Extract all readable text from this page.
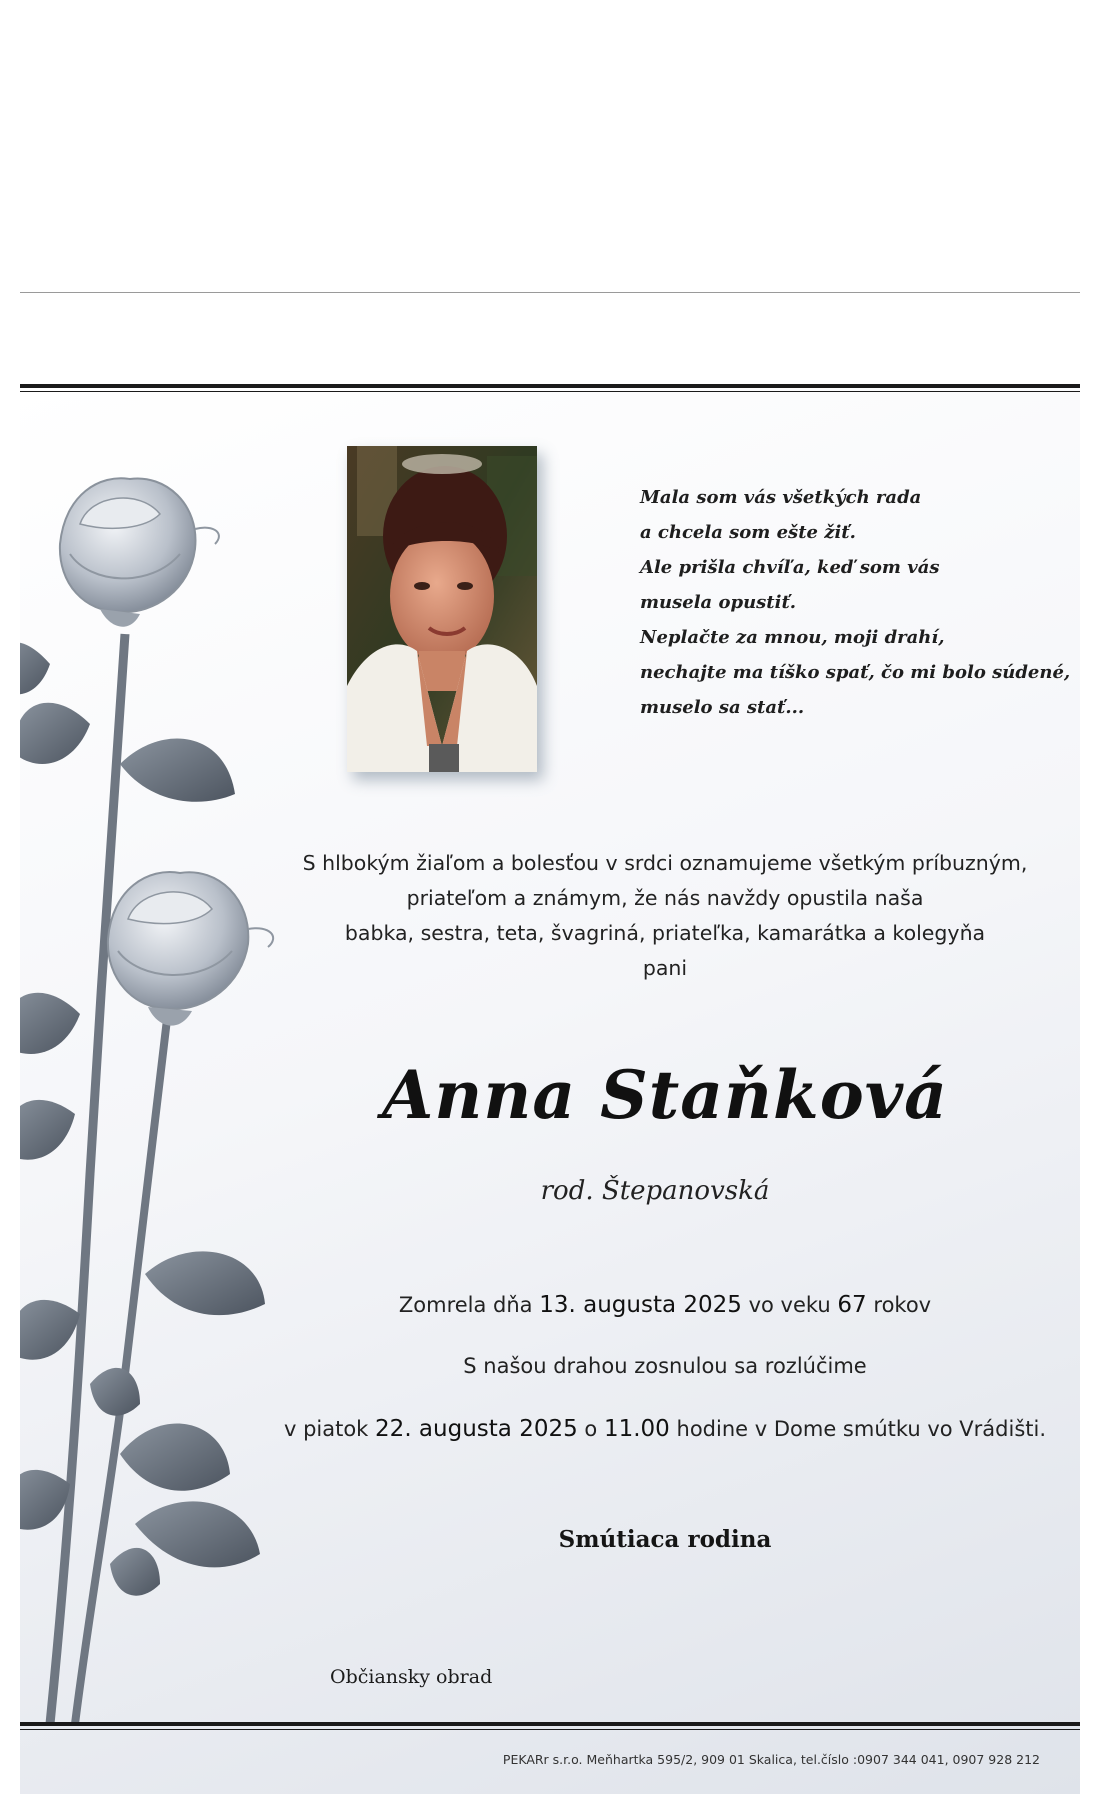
Mala som vás všetkých rada
a chcela som ešte žiť.
Ale prišla chvíľa, keď som vás
musela opustiť.
Neplačte za mnou, moji drahí,
nechajte ma tíško spať, čo mi bolo súdené,
muselo sa stať...
S hlbokým žiaľom a bolesťou v srdci oznamujeme všetkým príbuzným,
priateľom a známym, že nás navždy opustila naša
babka, sestra, teta, švagriná, priateľka, kamarátka a kolegyňa
pani
Anna Staňková
rod. Štepanovská
Zomrela dňa 13. augusta 2025 vo veku 67 rokov
S našou drahou zosnulou sa rozlúčime
v piatok 22. augusta 2025 o 11.00 hodine v Dome smútku vo Vrádišti.
Smútiaca rodina
Občiansky obrad
PEKARr s.r.o. Meňhartka 595/2, 909 01 Skalica, tel.číslo :0907 344 041, 0907 928 212
